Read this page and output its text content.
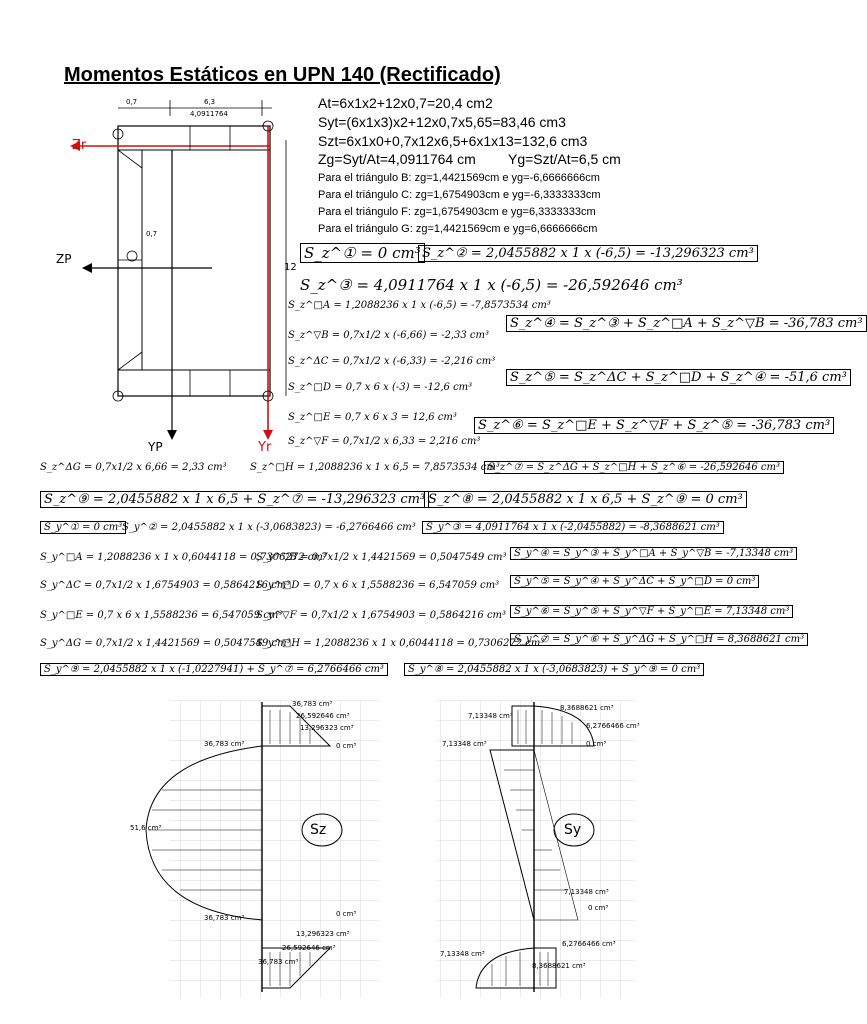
Momentos Estáticos en UPN 140 (Rectificado)
At=6x1x2+12x0,7=20,4 cm2
Syt=(6x1x3)x2+12x0,7x5,65=83,46 cm3
Szt=6x1x0+0,7x12x6,5+6x1x13=132,6 cm3
Zg=Syt/At=4,0911764 cm Yg=Szt/At=6,5 cm
Para el triángulo B: zg=1,4421569cm e yg=-6,6666666cm
Para el triángulo C: zg=1,6754903cm e yg=-6,3333333cm
Para el triángulo F: zg=1,6754903cm e yg=6,3333333cm
Para el triángulo G: zg=1,4421569cm e yg=6,6666666cm
Zr
ZP
YP	Yr
4,0911764
0,7	6,3
0,7
12
S_z^① = 0 cm³ S_z^② = 2,0455882 x 1 x (-6,5) = -13,296323 cm³
S_z^③ = 4,0911764 x 1 x (-6,5) = -26,592646 cm³
S_z^□A = 1,2088236 x 1 x (-6,5) = -7,8573534 cm³
S_z^④ = S_z^③ + S_z^□A + S_z^▽B = -36,783 cm³
S_z^▽B = 0,7x1/2 x (-6,66) = -2,33 cm³
S_z^ΔC = 0,7x1/2 x (-6,33) = -2,216 cm³
S_z^⑤ = S_z^ΔC + S_z^□D + S_z^④ = -51,6 cm³
S_z^□D = 0,7 x 6 x (-3) = -12,6 cm³
S_z^□E = 0,7 x 6 x 3 = 12,6 cm³
S_z^⑥ = S_z^□E + S_z^▽F + S_z^⑤ = -36,783 cm³
S_z^▽F = 0,7x1/2 x 6,33 = 2,216 cm³
S_z^ΔG = 0,7x1/2 x 6,66 = 2,33 cm³ S_z^□H = 1,2088236 x 1 x 6,5 = 7,8573534 cm³
S_z^⑦ = S_z^ΔG + S_z^□H + S_z^⑥ = -26,592646 cm³
S_z^⑨ = 2,0455882 x 1 x 6,5 + S_z^⑦ = -13,296323 cm³ S_z^⑧ = 2,0455882 x 1 x 6,5 + S_z^⑨ = 0 cm³
S_y^① = 0 cm³ S_y^② = 2,0455882 x 1 x (-3,0683823) = -6,2766466 cm³	S_y^③ = 4,0911764 x 1 x (-2,0455882) = -8,3688621 cm³
S_y^□A = 1,2088236 x 1 x 0,6044118 = 0,7306272 cm³
S_y^▽B = 0,7x1/2 x 1,4421569 = 0,5047549 cm³ S_y^④ = S_y^③ + S_y^□A + S_y^▽B = -7,13348 cm³
S_y^ΔC = 0,7x1/2 x 1,6754903 = 0,5864216 cm³
S_y^□D = 0,7 x 6 x 1,5588236 = 6,547059 cm³	S_y^⑤ = S_y^④ + S_y^ΔC + S_y^□D = 0 cm³
S_y^□E = 0,7 x 6 x 1,5588236 = 6,547059 cm³
S_y^▽F = 0,7x1/2 x 1,6754903 = 0,5864216 cm³ S_y^⑥ = S_y^⑤ + S_y^▽F + S_y^□E = 7,13348 cm³
S_y^ΔG = 0,7x1/2 x 1,4421569 = 0,5047549 cm³
S_y^□H = 1,2088236 x 1 x 0,6044118 = 0,7306272 cm³
S_y^⑦ = S_y^⑥ + S_y^ΔG + S_y^□H = 8,3688621 cm³
S_y^⑨ = 2,0455882 x 1 x (-1,0227941) + S_y^⑦ = 6,2766466 cm³	S_y^⑧ = 2,0455882 x 1 x (-3,0683823) + S_y^⑨ = 0 cm³
Sz
36,783 cm³
26,592646 cm³
13,296323 cm³
36,783 cm³	0 cm³
51,6 cm³
36,783 cm³	0 cm³
13,296323 cm³
26,592646 cm³
36,783 cm³
Sy
7,13348 cm³
8,3688621 cm³
6,2766466 cm³
7,13348 cm³	0 cm³
7,13348 cm³
0 cm³
6,2766466 cm³
7,13348 cm³
8,3688621 cm³
